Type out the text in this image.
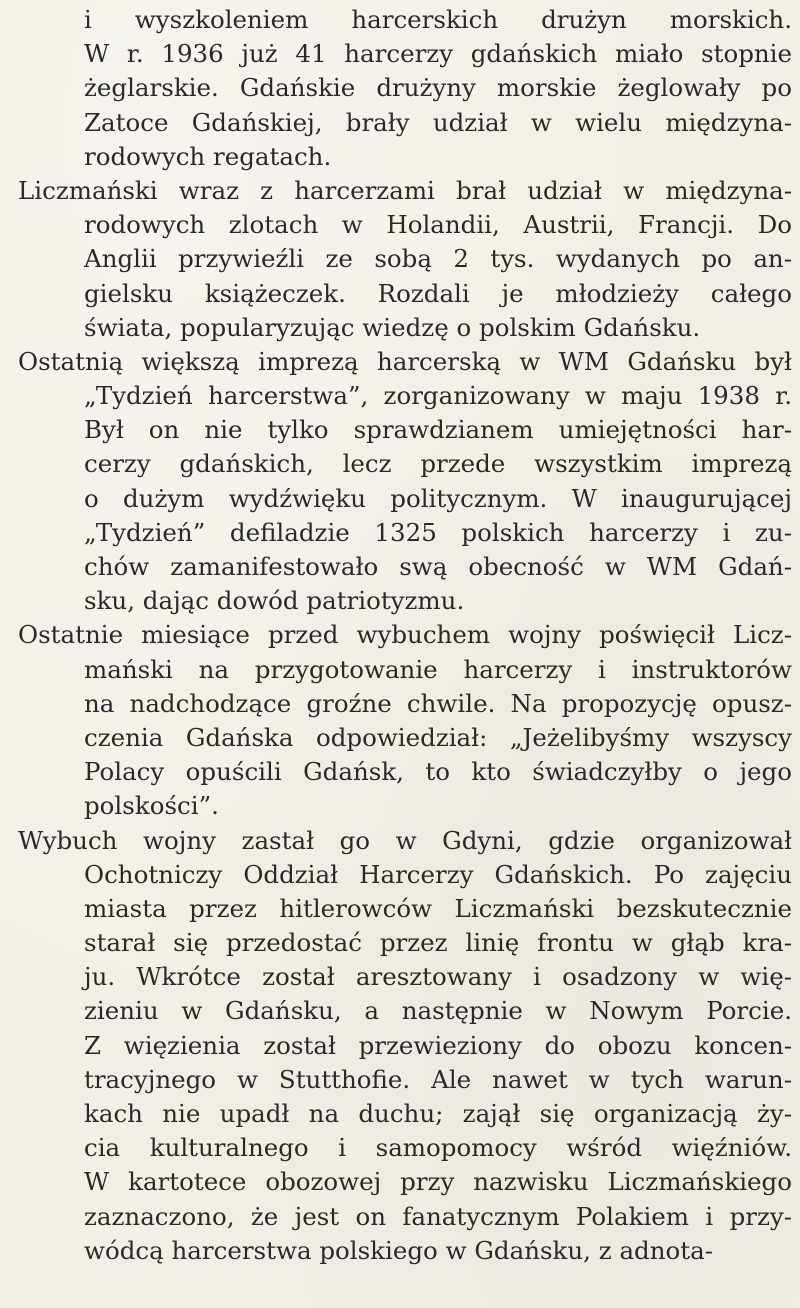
i wyszkoleniem harcerskich drużyn morskich.
W r. 1936 już 41 harcerzy gdańskich miało stopnie
żeglarskie. Gdańskie drużyny morskie żeglowały po
Zatoce Gdańskiej, brały udział w wielu międzyna-
rodowych regatach.
Liczmański wraz z harcerzami brał udział w międzyna-
rodowych zlotach w Holandii, Austrii, Francji. Do
Anglii przywieźli ze sobą 2 tys. wydanych po an-
gielsku książeczek. Rozdali je młodzieży całego
świata, popularyzując wiedzę o polskim Gdańsku.
Ostatnią większą imprezą harcerską w WM Gdańsku był
„Tydzień harcerstwa”, zorganizowany w maju 1938 r.
Był on nie tylko sprawdzianem umiejętności har-
cerzy gdańskich, lecz przede wszystkim imprezą
o dużym wydźwięku politycznym. W inaugurującej
„Tydzień” defiladzie 1325 polskich harcerzy i zu-
chów zamanifestowało swą obecność w WM Gdań-
sku, dając dowód patriotyzmu.
Ostatnie miesiące przed wybuchem wojny poświęcił Licz-
mański na przygotowanie harcerzy i instruktorów
na nadchodzące groźne chwile. Na propozycję opusz-
czenia Gdańska odpowiedział: „Jeżelibyśmy wszyscy
Polacy opuścili Gdańsk, to kto świadczyłby o jego
polskości”.
Wybuch wojny zastał go w Gdyni, gdzie organizował
Ochotniczy Oddział Harcerzy Gdańskich. Po zajęciu
miasta przez hitlerowców Liczmański bezskutecznie
starał się przedostać przez linię frontu w głąb kra-
ju. Wkrótce został aresztowany i osadzony w wię-
zieniu w Gdańsku, a następnie w Nowym Porcie.
Z więzienia został przewieziony do obozu koncen-
tracyjnego w Stutthofie. Ale nawet w tych warun-
kach nie upadł na duchu; zajął się organizacją ży-
cia kulturalnego i samopomocy wśród więźniów.
W kartotece obozowej przy nazwisku Liczmańskiego
zaznaczono, że jest on fanatycznym Polakiem i przy-
wódcą harcerstwa polskiego w Gdańsku, z adnota-
